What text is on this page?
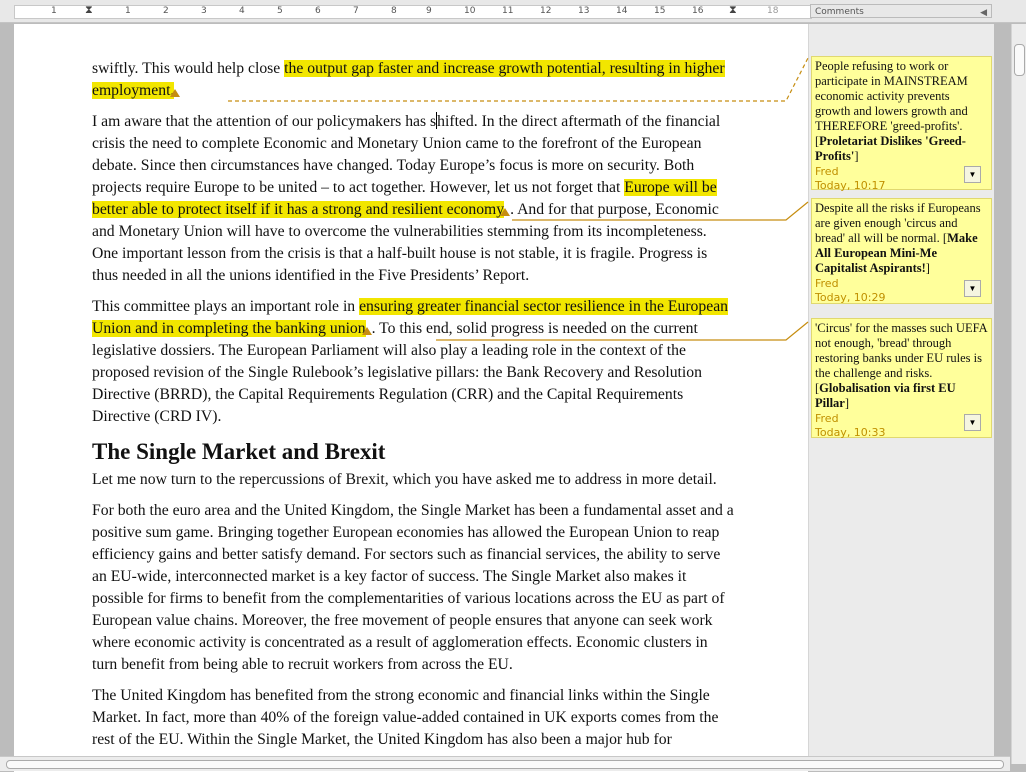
1	⧗	1	2	3	4	5	6	7	8	9	10	11	12	13	14	15	16 ⧗	18	Comments	◀

swiftly. This would help close the output gap faster and increase growth potential, resulting in higher employment.

I am aware that the attention of our policymakers has shifted. In the direct aftermath of the financial crisis the need to complete Economic and Monetary Union came to the forefront of the European debate. Since then circumstances have changed. Today Europe’s focus is more on security. Both projects require Europe to be united – to act together. However, let us not forget that Europe will be better able to protect itself if it has a strong and resilient economy . And for that purpose, Economic and Monetary Union will have to overcome the vulnerabilities stemming from its incompleteness. One important lesson from the crisis is that a half-built house is not stable, it is fragile. Progress is thus needed in all the unions identified in the Five Presidents’ Report.

This committee plays an important role in ensuring greater financial sector resilience in the European Union and in completing the banking union . To this end, solid progress is needed on the current legislative dossiers. The European Parliament will also play a leading role in the context of the proposed revision of the Single Rulebook’s legislative pillars: the Bank Recovery and Resolution Directive (BRRD), the Capital Requirements Regulation (CRR) and the Capital Requirements Directive (CRD IV).

The Single Market and Brexit

Let me now turn to the repercussions of Brexit, which you have asked me to address in more detail.

For both the euro area and the United Kingdom, the Single Market has been a fundamental asset and a positive sum game. Bringing together European economies has allowed the European Union to reap efficiency gains and better satisfy demand. For sectors such as financial services, the ability to serve an EU-wide, interconnected market is a key factor of success. The Single Market also makes it possible for firms to benefit from the complementarities of various locations across the EU as part of European value chains. Moreover, the free movement of people ensures that anyone can seek work where economic activity is concentrated as a result of agglomeration effects. Economic clusters in turn benefit from being able to recruit workers from across the EU.

The United Kingdom has benefited from the strong economic and financial links within the Single Market. In fact, more than 40% of the foreign value-added contained in UK exports comes from the rest of the EU. Within the Single Market, the United Kingdom has also been a major hub for

People refusing to work or participate in MAINSTREAM economic activity prevents growth and lowers growth and THEREFORE 'greed-profits'. [Proletariat Dislikes 'Greed-Profits']
Fred
Today, 10:17
▼
Despite all the risks if Europeans are given enough 'circus and bread' all will be normal. [Make All European Mini-Me Capitalist Aspirants!]
Fred
Today, 10:29
▼
'Circus' for the masses such UEFA not enough, 'bread' through restoring banks under EU rules is the challenge and risks. [Globalisation via first EU Pillar]
Fred
Today, 10:33
▼
